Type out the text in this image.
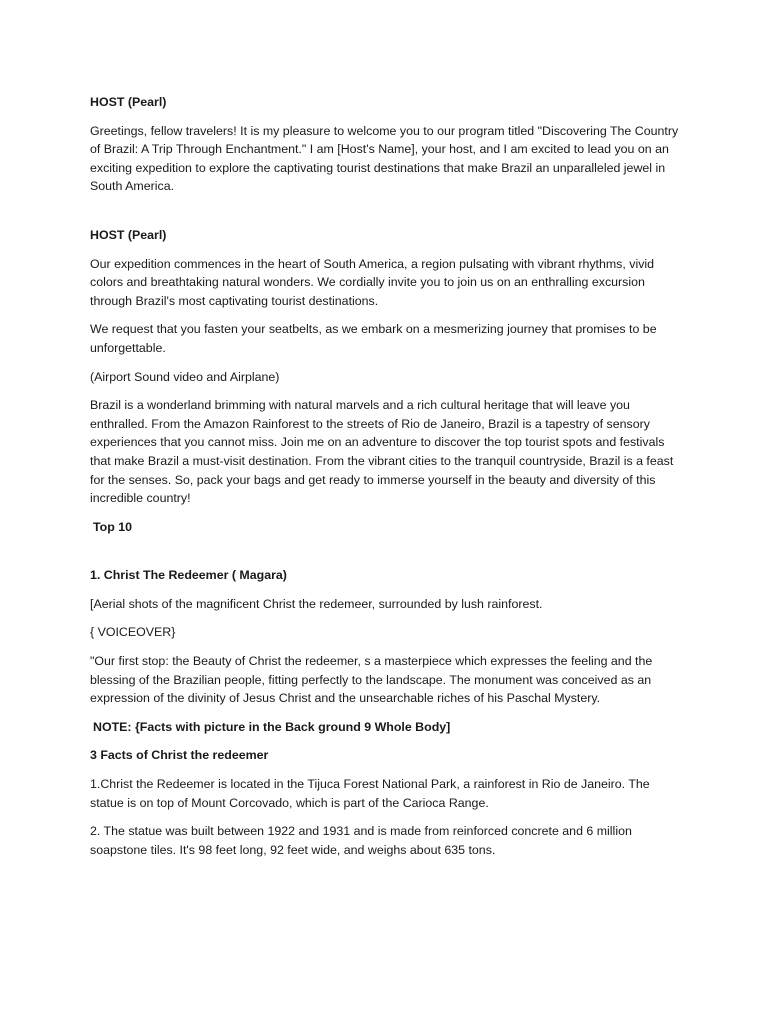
HOST (Pearl)

Greetings, fellow travelers! It is my pleasure to welcome you to our program titled "Discovering The Country of Brazil: A Trip Through Enchantment." I am [Host's Name], your host, and I am excited to lead you on an exciting expedition to explore the captivating tourist destinations that make Brazil an unparalleled jewel in South America.

HOST (Pearl)

Our expedition commences in the heart of South America, a region pulsating with vibrant rhythms, vivid colors and breathtaking natural wonders. We cordially invite you to join us on an enthralling excursion through Brazil's most captivating tourist destinations.

We request that you fasten your seatbelts, as we embark on a mesmerizing journey that promises to be unforgettable.

(Airport Sound video and Airplane)

Brazil is a wonderland brimming with natural marvels and a rich cultural heritage that will leave you enthralled. From the Amazon Rainforest to the streets of Rio de Janeiro, Brazil is a tapestry of sensory experiences that you cannot miss. Join me on an adventure to discover the top tourist spots and festivals that make Brazil a must-visit destination. From the vibrant cities to the tranquil countryside, Brazil is a feast for the senses. So, pack your bags and get ready to immerse yourself in the beauty and diversity of this incredible country!

Top 10

1. Christ The Redeemer ( Magara)

[Aerial shots of the magnificent Christ the redemeer, surrounded by lush rainforest.

{ VOICEOVER}

"Our first stop: the Beauty of Christ the redeemer, s a masterpiece which expresses the feeling and the blessing of the Brazilian people, fitting perfectly to the landscape. The monument was conceived as an expression of the divinity of Jesus Christ and the unsearchable riches of his Paschal Mystery.

NOTE: {Facts with picture in the Back ground 9 Whole Body]

3 Facts of Christ the redeemer

1.Christ the Redeemer is located in the Tijuca Forest National Park, a rainforest in Rio de Janeiro. The statue is on top of Mount Corcovado, which is part of the Carioca Range.

2. The statue was built between 1922 and 1931 and is made from reinforced concrete and 6 million soapstone tiles. It's 98 feet long, 92 feet wide, and weighs about 635 tons.
